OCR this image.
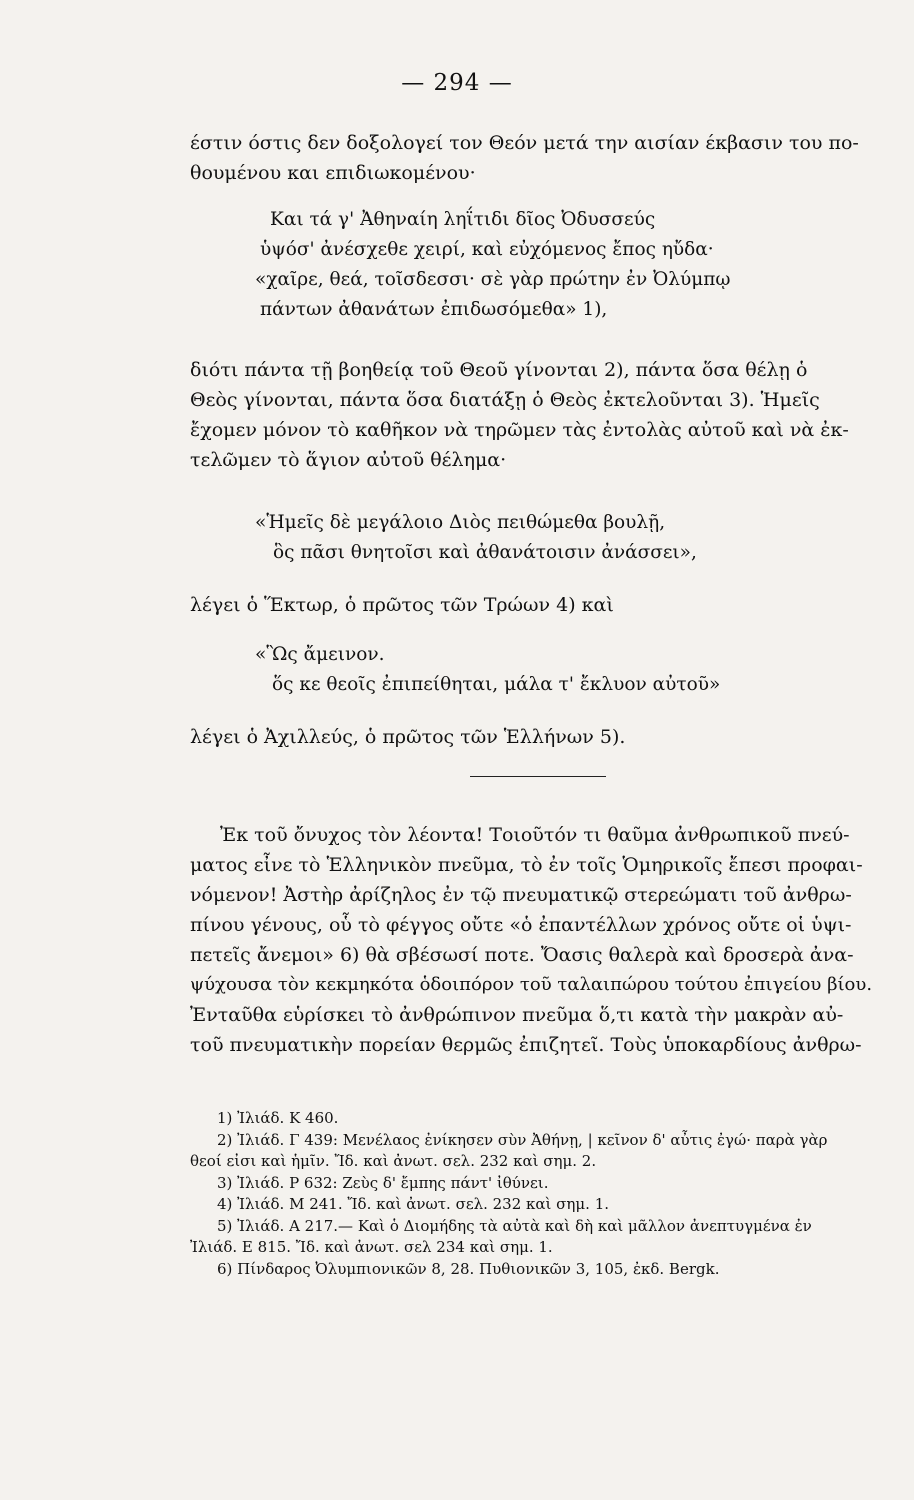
— 294 —
έστιν όστις δεν δοξολογεί τον Θεόν μετά την αισίαν έκβασιν του πο-
θουμένου και επιδιωκομένου·
Και τά γ' Ἀθηναίη ληΐτιδι δῖος Ὀδυσσεύς
ὑψόσ' ἀνέσχεθε χειρί, καὶ εὐχόμενος ἔπος ηὔδα·
«χαῖρε, θεά, τοῖσδεσσι· σὲ γὰρ πρώτην ἐν Ὀλύμπῳ
πάντων ἀθανάτων ἐπιδωσόμεθα» 1),
διότι πάντα τῇ βοηθείᾳ τοῦ Θεοῦ γίνονται 2), πάντα ὅσα θέλῃ ὁ
Θεὸς γίνονται, πάντα ὅσα διατάξῃ ὁ Θεὸς ἐκτελοῦνται 3). Ἡμεῖς
ἔχομεν μόνον τὸ καθῆκον νὰ τηρῶμεν τὰς ἐντολὰς αὐτοῦ καὶ νὰ ἐκ-
τελῶμεν τὸ ἅγιον αὐτοῦ θέλημα·
«Ἡμεῖς δὲ μεγάλοιο Διὸς πειθώμεθα βουλῇ,
ὃς πᾶσι θνητοῖσι καὶ ἀθανάτοισιν ἀνάσσει»,
λέγει ὁ Ἕκτωρ, ὁ πρῶτος τῶν Τρώων 4) καὶ
«Ὣς ἄμεινον.
ὅς κε θεοῖς ἐπιπείθηται, μάλα τ' ἔκλυον αὐτοῦ»
λέγει ὁ Ἀχιλλεύς, ὁ πρῶτος τῶν Ἑλλήνων 5).
Ἐκ τοῦ ὄνυχος τὸν λέοντα! Τοιοῦτόν τι θαῦμα ἀνθρωπικοῦ πνεύ-
ματος εἶνε τὸ Ἑλληνικὸν πνεῦμα, τὸ ἐν τοῖς Ὁμηρικοῖς ἔπεσι προφαι-
νόμενον! Ἀστὴρ ἀρίζηλος ἐν τῷ πνευματικῷ στερεώματι τοῦ ἀνθρω-
πίνου γένους, οὗ τὸ φέγγος οὔτε «ὁ ἐπαντέλλων χρόνος οὔτε οἱ ὑψι-
πετεῖς ἄνεμοι» 6) θὰ σβέσωσί ποτε. Ὄασις θαλερὰ καὶ δροσερὰ ἀνα-
ψύχουσα τὸν κεκμηκότα ὁδοιπόρον τοῦ ταλαιπώρου τούτου ἐπιγείου βίου.
Ἐνταῦθα εὑρίσκει τὸ ἀνθρώπινον πνεῦμα ὅ,τι κατὰ τὴν μακρὰν αὐ-
τοῦ πνευματικὴν πορείαν θερμῶς ἐπιζητεῖ. Τοὺς ὑποκαρδίους ἀνθρω-
1) Ἰλιάδ. Κ 460.
2) Ἰλιάδ. Γ 439: Μενέλαος ἐνίκησεν σὺν Ἀθήνῃ, | κεῖνον δ' αὖτις ἐγώ· παρὰ γὰρ
θεοί εἰσι καὶ ἡμῖν. Ἴδ. καὶ ἀνωτ. σελ. 232 καὶ σημ. 2.
3) Ἰλιάδ. Ρ 632: Ζεὺς δ' ἔμπης πάντ' ἰθύνει.
4) Ἰλιάδ. Μ 241. Ἴδ. καὶ ἀνωτ. σελ. 232 καὶ σημ. 1.
5) Ἰλιάδ. Α 217.— Καὶ ὁ Διομήδης τὰ αὐτὰ καὶ δὴ καὶ μᾶλλον ἀνεπτυγμένα ἐν
Ἰλιάδ. Ε 815. Ἴδ. καὶ ἀνωτ. σελ 234 καὶ σημ. 1.
6) Πίνδαρος Ὀλυμπιονικῶν 8, 28. Πυθιονικῶν 3, 105, ἐκδ. Bergk.
